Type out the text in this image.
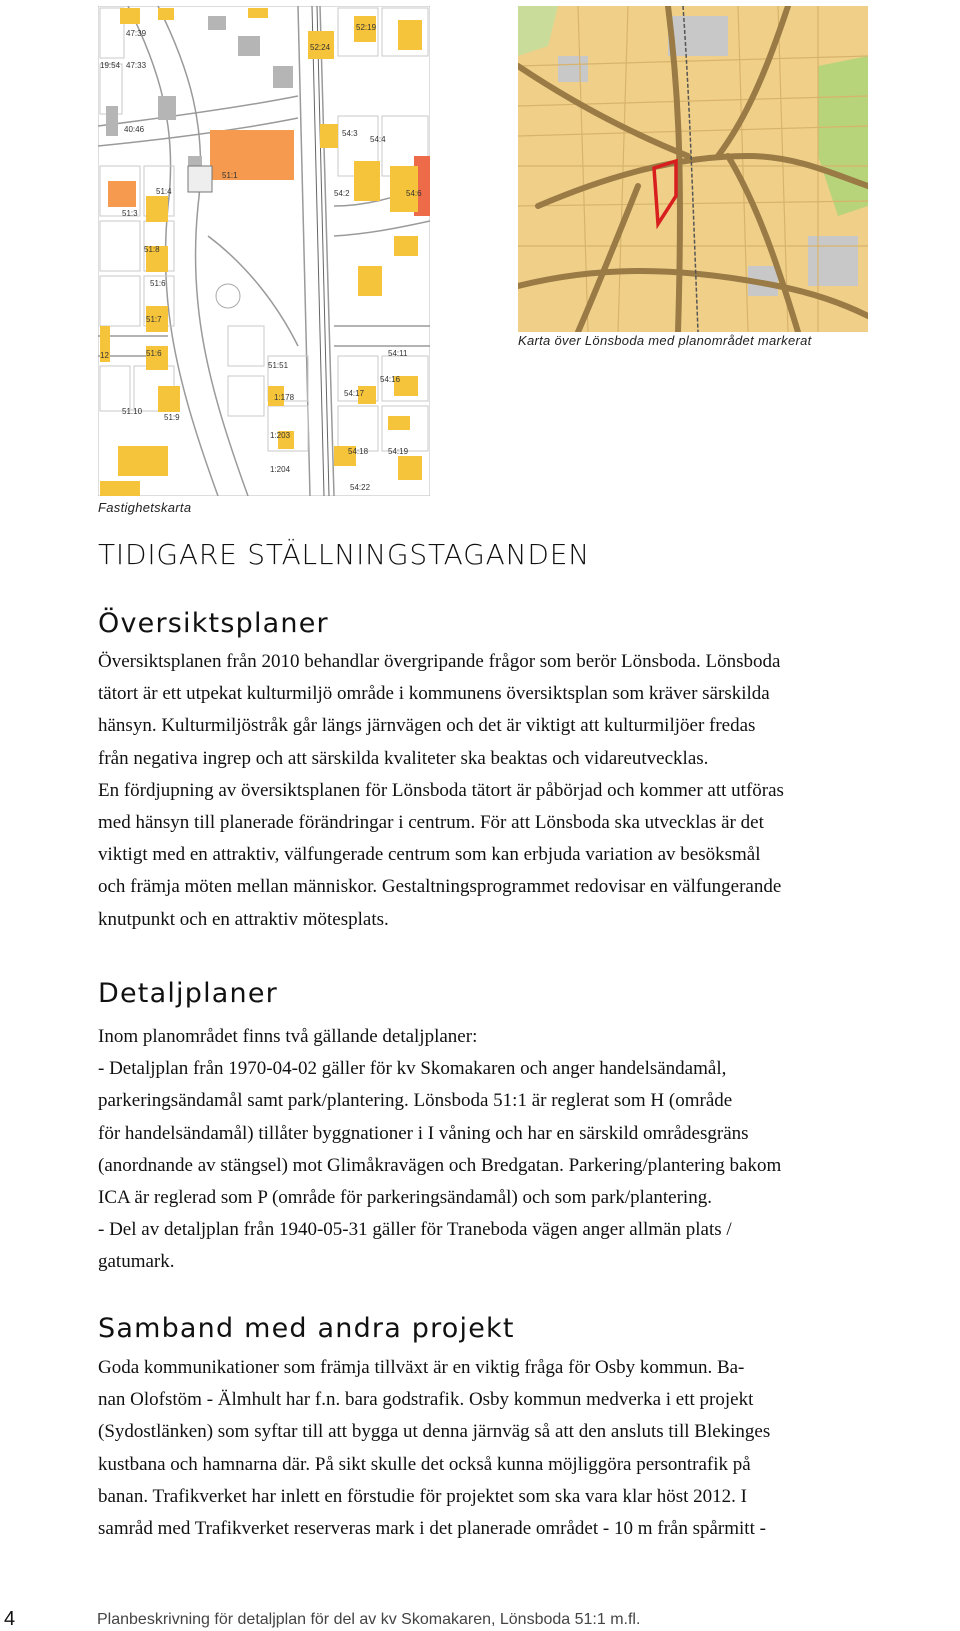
47:39
52:19
52:24
47:33
19:54
40:46	54:3
54:4
51:1
54:2	54:6
51:4
51:3
51:8
51:6
51:7
51:6
51:51
54:11
12
51:10
1:178
54:16
54:17
54:18 54:19
1:203
1:204
51:9
54:22
Fastighetskarta
Karta över Lönsboda med planområdet markerat
TIDIGARE STÄLLNINGSTAGANDEN
Översiktsplaner
Översiktsplanen från 2010 behandlar övergripande frågor som berör Lönsboda. Lönsboda
tätort är ett utpekat kulturmiljö område i kommunens översiktsplan som kräver särskilda
hänsyn. Kulturmiljöstråk går längs järnvägen och det är viktigt att kulturmiljöer fredas
från negativa ingrep och att särskilda kvaliteter ska beaktas och vidareutvecklas.
En fördjupning av översiktsplanen för Lönsboda tätort är påbörjad och kommer att utföras
med hänsyn till planerade förändringar i centrum. För att Lönsboda ska utvecklas är det
viktigt med en attraktiv, välfungerade centrum som kan erbjuda variation av besöksmål
och främja möten mellan människor. Gestaltningsprogrammet redovisar en välfungerande
knutpunkt och en attraktiv mötesplats.
Detaljplaner
Inom planområdet finns två gällande detaljplaner:
- Detaljplan från 1970-04-02 gäller för kv Skomakaren och anger handelsändamål,
parkeringsändamål samt park/plantering. Lönsboda 51:1 är reglerat som H (område
för handelsändamål) tillåter byggnationer i I våning och har en särskild områdesgräns
(anordnande av stängsel) mot Glimåkravägen och Bredgatan. Parkering/plantering bakom
ICA är reglerad som P (område för parkeringsändamål) och som park/plantering.
- Del av detaljplan från 1940-05-31 gäller för Traneboda vägen anger allmän plats /
gatumark.
Samband med andra projekt
Goda kommunikationer som främja tillväxt är en viktig fråga för Osby kommun. Ba-
nan Olofstöm - Älmhult har f.n. bara godstrafik. Osby kommun medverka i ett projekt
(Sydostlänken) som syftar till att bygga ut denna järnväg så att den ansluts till Blekinges
kustbana och hamnarna där. På sikt skulle det också kunna möjliggöra persontrafik på
banan. Trafikverket har inlett en förstudie för projektet som ska vara klar höst 2012. I
samråd med Trafikverket reserveras mark i det planerade området - 10 m från spårmitt -
4	Planbeskrivning för detaljplan för del av kv Skomakaren, Lönsboda 51:1 m.fl.
